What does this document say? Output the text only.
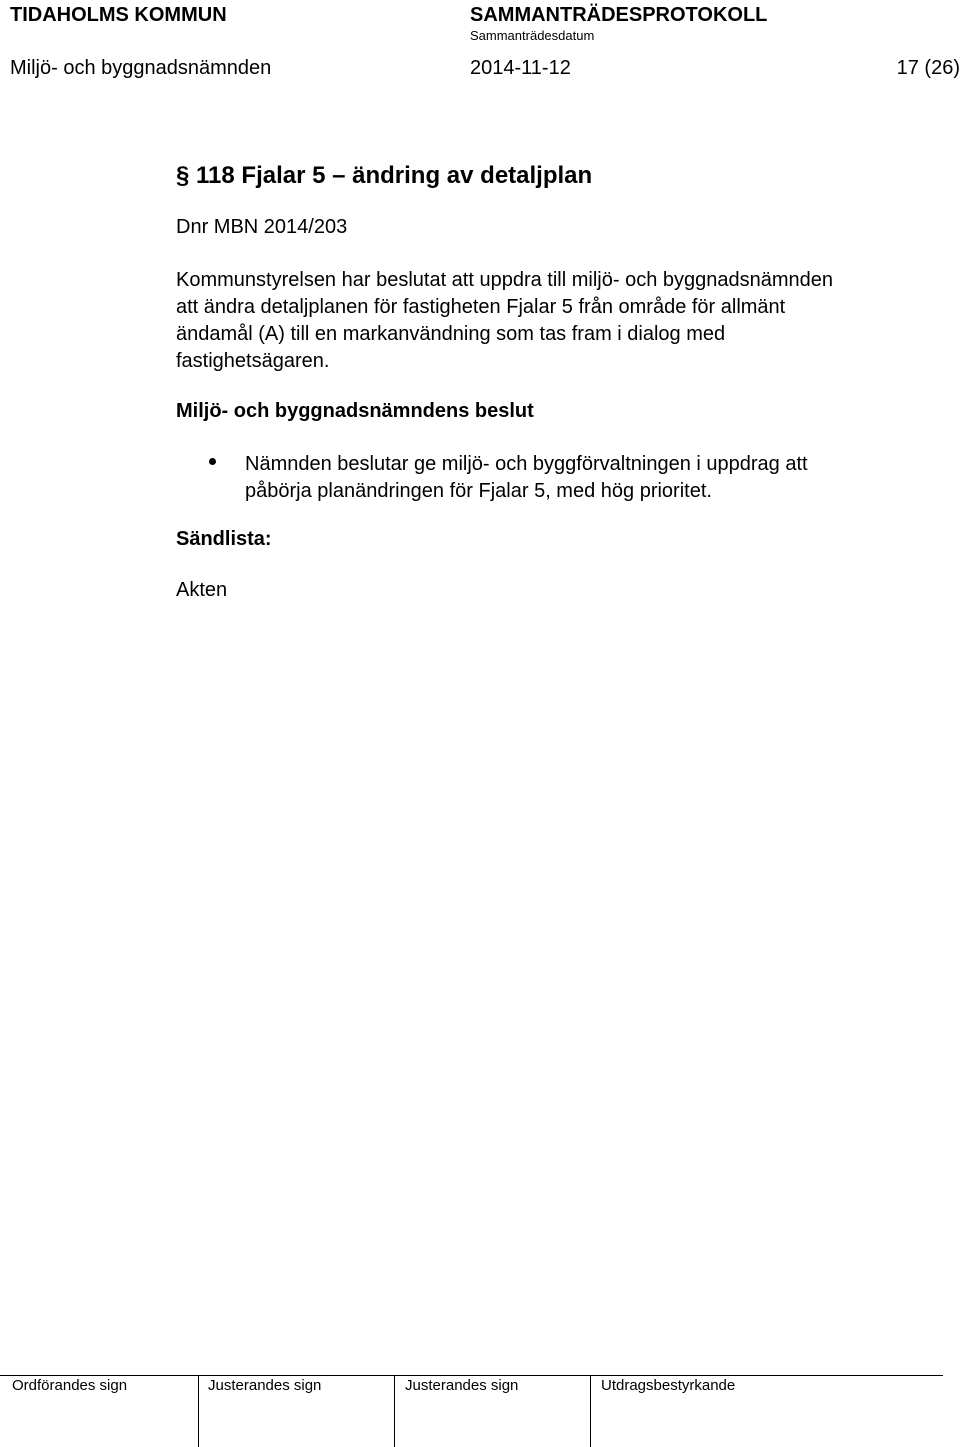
TIDAHOLMS KOMMUN	SAMMANTRÄDESPROTOKOLL
Sammanträdesdatum
Miljö- och byggnadsnämnden	2014-11-12	17 (26)
§ 118 Fjalar 5 – ändring av detaljplan
Dnr MBN 2014/203
Kommunstyrelsen har beslutat att uppdra till miljö- och byggnadsnämnden
att ändra detaljplanen för fastigheten Fjalar 5 från område för allmänt
ändamål (A) till en markanvändning som tas fram i dialog med
fastighetsägaren.
Miljö- och byggnadsnämndens beslut
Nämnden beslutar ge miljö- och byggförvaltningen i uppdrag att
påbörja planändringen för Fjalar 5, med hög prioritet.
Sändlista:
Akten
Ordförandes sign	Justerandes sign	Justerandes sign	Utdragsbestyrkande
